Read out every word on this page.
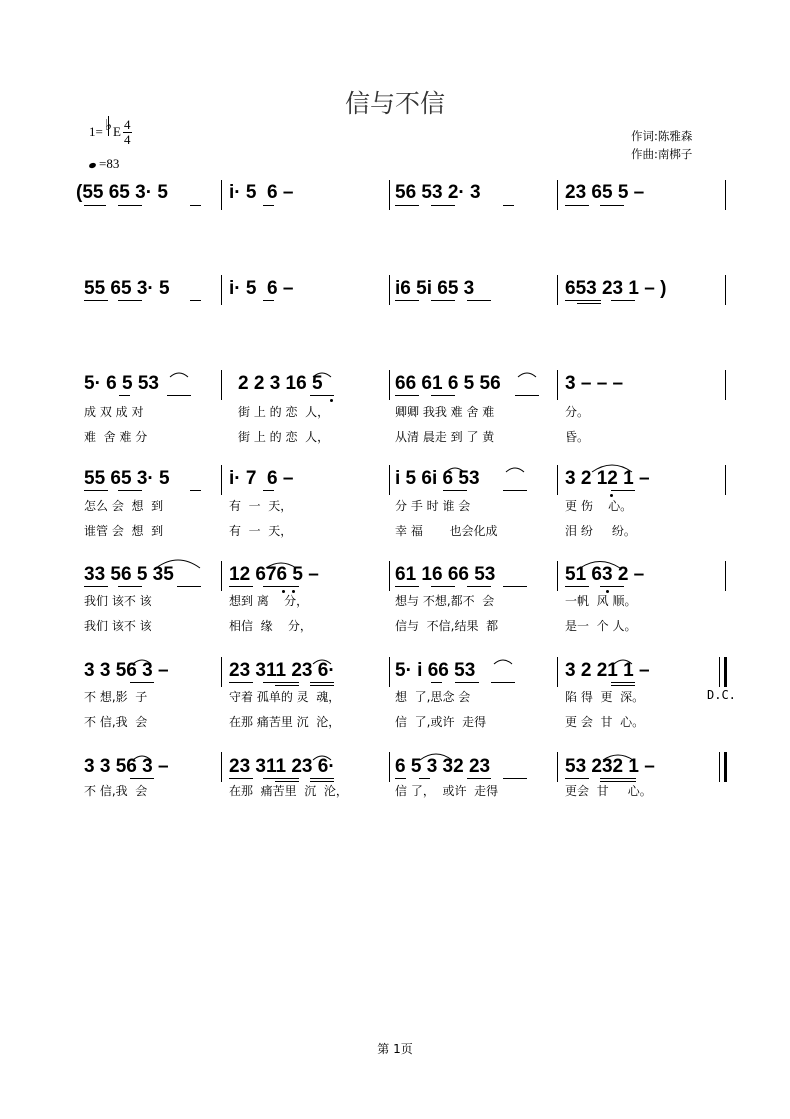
信与不信
1= ♭ E 4
4
=83
作词:陈雅森
作曲:南梆子
(55 65 3· 5	i· 5  6 –	56 53 2· 3	23 65 5 –
55 65 3· 5	i· 5  6 –	i6 5i 65 3	653 23 1 – )
5· 6 5 53	2 2 3 16 5	66 61 6 5 56	3 – – –
成 双 成 对	街 上 的 恋  人，	卿卿 我我 难 舍 难	分。
难  舍 难 分	街 上 的 恋  人，	从清 晨走 到 了 黄	昏。
55 65 3· 5	i· 7  6 –	i 5 6i 6 53	3 2 12 1 –
怎么 会  想  到	有  一  天，	分 手 时 谁 会	更 伤    心。
谁管 会  想  到	有  一  天，	幸 福       也会化成	泪 纷     纷。
33 56 5 35	12 676 5 –	61 16 66 53	51 63 2 –
我们 该不 该	想到 离    分，	想与 不想,都不  会	一帆  风 顺。
我们 该不 该	相信  缘    分，	信与  不信,结果  都	是一  个 人。
3 3 56 3 –	23 311 23 6·	5· i 66 53	3 2 21 1 –
不 想,影  子	守着 孤单的 灵  魂，	想  了,思念 会	陷 得  更  深。
不 信,我  会	在那 痛苦里 沉  沦，	信  了,或许  走得	更 会  甘  心。
D.C.
3 3 56 3 –	23 311 23 6·	6 5 3 32 23	53 232 1 –
不 信,我  会	在那  痛苦里  沉  沦，	信 了，  或许  走得	更会  甘     心。
第 1页
